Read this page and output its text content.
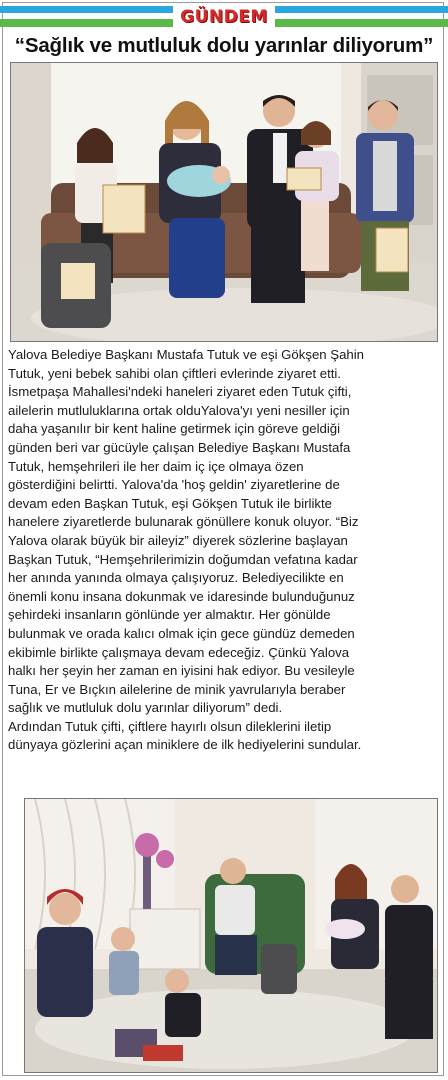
GÜNDEM
“Sağlık ve mutluluk dolu yarınlar diliyorum”

Yalova Belediye Başkanı Mustafa Tutuk ve eşi Gökşen Şahin
Tutuk, yeni bebek sahibi olan çiftleri evlerinde ziyaret etti.
İsmetpaşa Mahallesi'ndeki haneleri ziyaret eden Tutuk çifti,
ailelerin mutluluklarına ortak olduYalova'yı yeni nesiller için
daha yaşanılır bir kent haline getirmek için göreve geldiği
günden beri var gücüyle çalışan Belediye Başkanı Mustafa
Tutuk, hemşehrileri ile her daim iç içe olmaya özen
gösterdiğini belirtti. Yalova'da 'hoş geldin' ziyaretlerine de
devam eden Başkan Tutuk, eşi Gökşen Tutuk ile birlikte
hanelere ziyaretlerde bulunarak gönüllere konuk oluyor. “Biz
Yalova olarak büyük bir aileyiz” diyerek sözlerine başlayan
Başkan Tutuk, “Hemşehrilerimizin doğumdan vefatına kadar
her anında yanında olmaya çalışıyoruz. Belediyecilikte en
önemli konu insana dokunmak ve idaresinde bulunduğunuz
şehirdeki insanların gönlünde yer almaktır. Her gönülde
bulunmak ve orada kalıcı olmak için gece gündüz demeden
ekibimle birlikte çalışmaya devam edeceğiz. Çünkü Yalova
halkı her şeyin her zaman en iyisini hak ediyor. Bu vesileyle
Tuna, Er ve Bıçkın ailelerine de minik yavrularıyla beraber
sağlık ve mutluluk dolu yarınlar diliyorum” dedi.

Ardından Tutuk çifti, çiftlere hayırlı olsun dileklerini iletip
dünyaya gözlerini açan miniklere de ilk hediyelerini sundular.
